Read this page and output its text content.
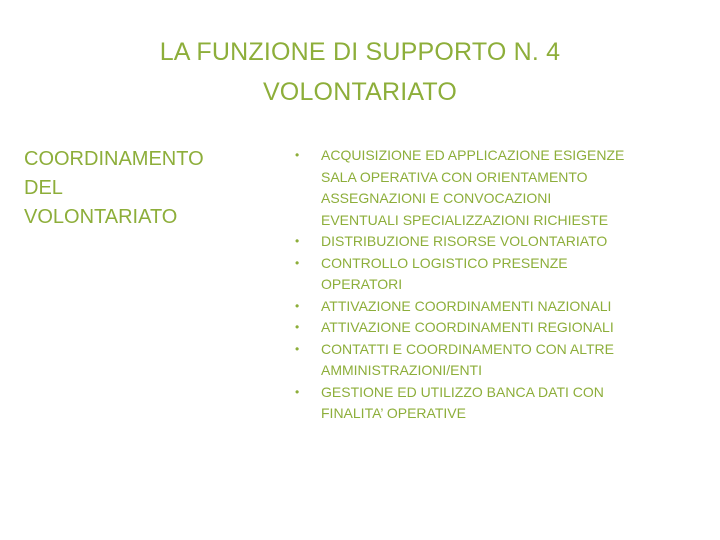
LA FUNZIONE DI SUPPORTO N. 4
VOLONTARIATO
COORDINAMENTO
DEL
VOLONTARIATO
• ACQUISIZIONE ED APPLICAZIONE ESIGENZE
SALA OPERATIVA CON ORIENTAMENTO
ASSEGNAZIONI E CONVOCAZIONI
EVENTUALI SPECIALIZZAZIONI RICHIESTE
• DISTRIBUZIONE RISORSE VOLONTARIATO
• CONTROLLO LOGISTICO PRESENZE
OPERATORI
• ATTIVAZIONE COORDINAMENTI NAZIONALI
• ATTIVAZIONE COORDINAMENTI REGIONALI
• CONTATTI E COORDINAMENTO CON ALTRE
AMMINISTRAZIONI/ENTI
• GESTIONE ED UTILIZZO BANCA DATI CON
FINALITA’ OPERATIVE
